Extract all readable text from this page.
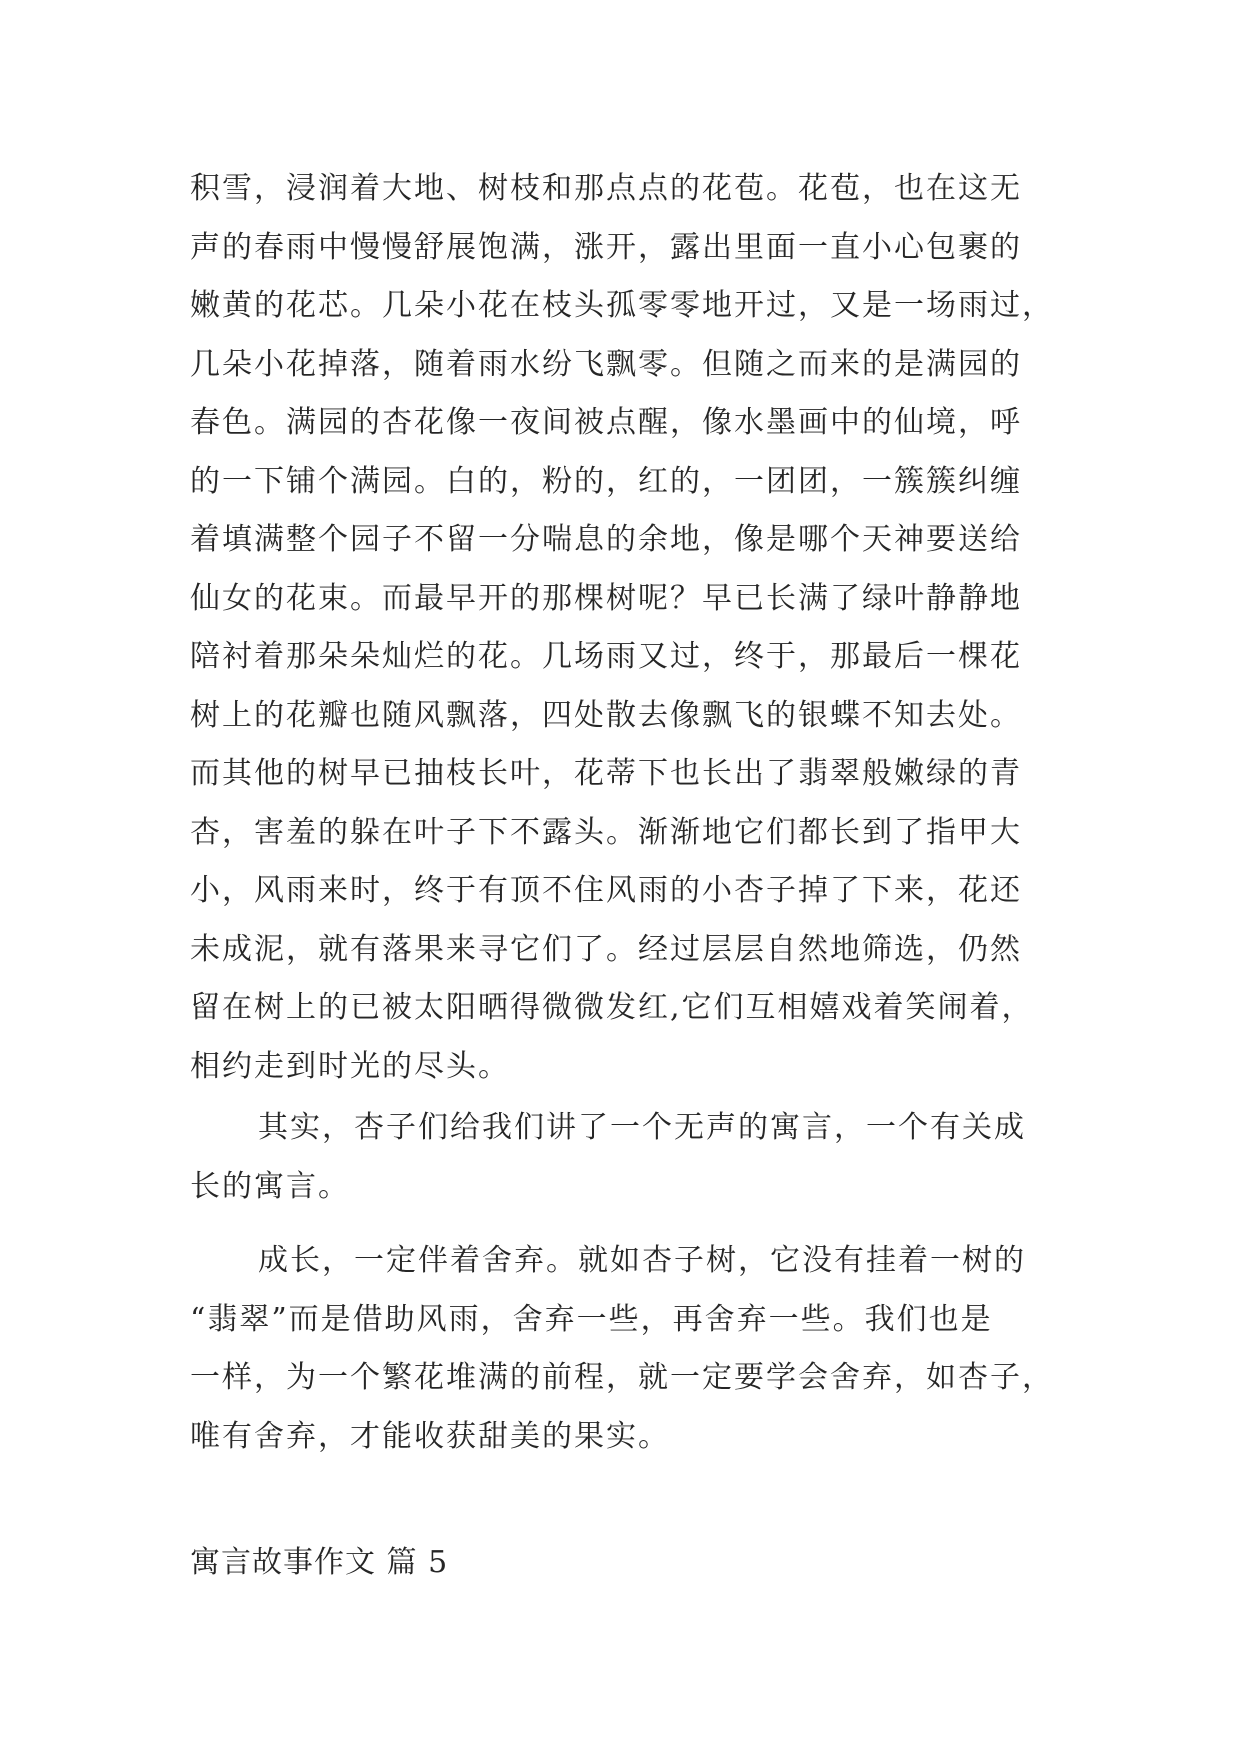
积雪，浸润着大地、树枝和那点点的花苞。花苞，也在这无
声的春雨中慢慢舒展饱满，涨开，露出里面一直小心包裹的
嫩黄的花芯。几朵小花在枝头孤零零地开过，又是一场雨过，
几朵小花掉落，随着雨水纷飞飘零。但随之而来的是满园的
春色。满园的杏花像一夜间被点醒，像水墨画中的仙境，呼
的一下铺个满园。白的，粉的，红的，一团团，一簇簇纠缠
着填满整个园子不留一分喘息的余地，像是哪个天神要送给
仙女的花束。而最早开的那棵树呢？早已长满了绿叶静静地
陪衬着那朵朵灿烂的花。几场雨又过，终于，那最后一棵花
树上的花瓣也随风飘落，四处散去像飘飞的银蝶不知去处。
而其他的树早已抽枝长叶，花蒂下也长出了翡翠般嫩绿的青
杏，害羞的躲在叶子下不露头。渐渐地它们都长到了指甲大
小，风雨来时，终于有顶不住风雨的小杏子掉了下来，花还
未成泥，就有落果来寻它们了。经过层层自然地筛选，仍然
留在树上的已被太阳晒得微微发红,它们互相嬉戏着笑闹着，
相约走到时光的尽头。
其实，杏子们给我们讲了一个无声的寓言，一个有关成
长的寓言。
成长，一定伴着舍弃。就如杏子树，它没有挂着一树的
“翡翠”而是借助风雨，舍弃一些，再舍弃一些。我们也是
一样，为一个繁花堆满的前程，就一定要学会舍弃，如杏子，
唯有舍弃，才能收获甜美的果实。
寓言故事作文 篇 5
